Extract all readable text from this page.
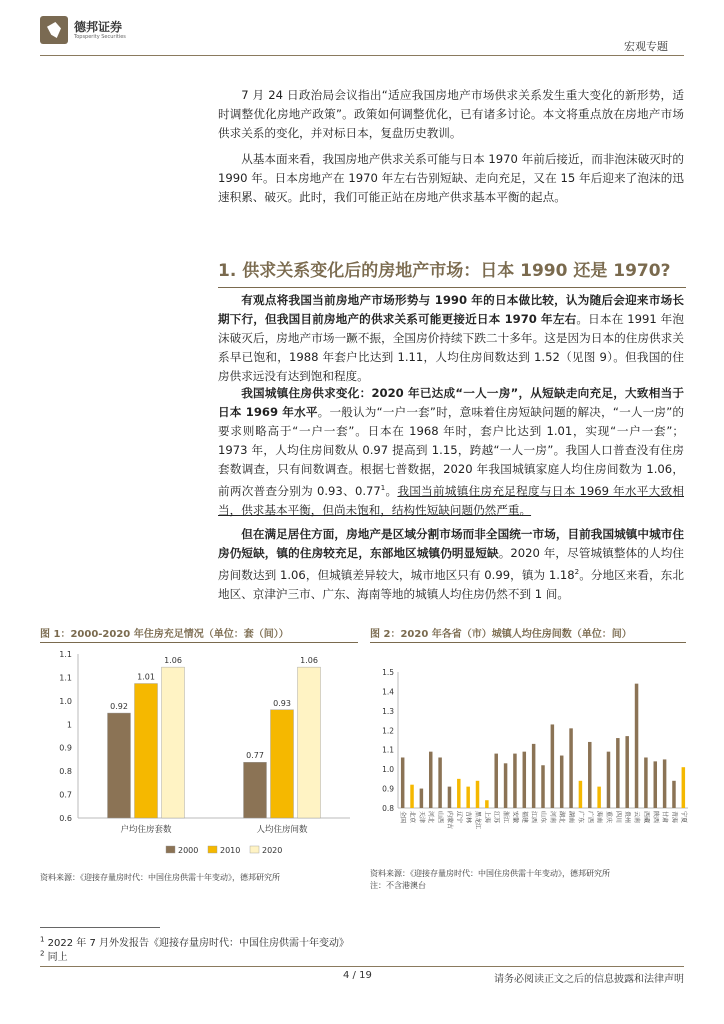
德邦证券
Topsperity Securities
宏观专题

7 月 24 日政治局会议指出“适应我国房地产市场供求关系发生重大变化的新形势，适时调整优化房地产政策”。政策如何调整优化，已有诸多讨论。本文将重点放在房地产市场供求关系的变化，并对标日本，复盘历史教训。

从基本面来看，我国房地产供求关系可能与日本 1970 年前后接近，而非泡沫破灭时的 1990 年。日本房地产在 1970 年左右告别短缺、走向充足，又在 15 年后迎来了泡沫的迅速积累、破灭。此时，我们可能正站在房地产供求基本平衡的起点。

1. 供求关系变化后的房地产市场：日本 1990 还是 1970?

有观点将我国当前房地产市场形势与 1990 年的日本做比较，认为随后会迎来市场长期下行，但我国目前房地产的供求关系可能更接近日本 1970 年左右。日本在 1991 年泡沫破灭后，房地产市场一蹶不振，全国房价持续下跌二十多年。这是因为日本的住房供求关系早已饱和，1988 年套户比达到 1.11，人均住房间数达到 1.52（见图 9）。但我国的住房供求远没有达到饱和程度。

我国城镇住房供求变化：2020 年已达成“一人一房”，从短缺走向充足，大致相当于日本 1969 年水平。一般认为“一户一套”时，意味着住房短缺问题的解决，“一人一房”的要求则略高于“一户一套”。日本在 1968 年时，套户比达到 1.01，实现“一户一套”；1973 年，人均住房间数从 0.97 提高到 1.15，跨越“一人一房”。我国人口普查没有住房套数调查，只有间数调查。根据七普数据，2020 年我国城镇家庭人均住房间数为 1.06，前两次普查分别为 0.93、0.77$^1$。我国当前城镇住房充足程度与日本 1969 年水平大致相当，供求基本平衡，但尚未饱和，结构性短缺问题仍然严重。

但在满足居住方面，房地产是区域分割市场而非全国统一市场，目前我国城镇中城市住房仍短缺，镇的住房较充足，东部地区城镇仍明显短缺。2020 年，尽管城镇整体的人均住房间数达到 1.06，但城镇差异较大，城市地区只有 0.99，镇为 1.18$^2$。分地区来看，东北地区、京津沪三市、广东、海南等地的城镇人均住房仍然不到 1 间。

图 1：2000-2020 年住房充足情况（单位：套（间））
0.6
0.7
0.8
0.9
1
1.0
1.1
1.1
0.92
1.01
1.06
户均住房套数
0.77
0.93
1.06
人均住房间数
2000	2010	2020
资料来源：《迎接存量房时代：中国住房供需十年变动》，德邦研究所
图 2：2020 年各省（市）城镇人均住房间数（单位：间）
0.8
0.9
1.0
1.1
1.2
1.3
1.4
1.5
全国 北京 天津 河北 山西 内蒙古 辽宁 吉林 黑龙江 上海 江苏 浙江 安徽 福建 江西 山东 河南 湖北 湖南 广东 广西 海南 重庆 四川 贵州 云南 西藏 陕西 甘肃 青海 宁夏
资料来源：《迎接存量房时代：中国住房供需十年变动》，德邦研究所
注：不含港澳台
$^1$ 2022 年 7 月外发报告《迎接存量房时代：中国住房供需十年变动》
$^2$ 同上
4 / 19	请务必阅读正文之后的信息披露和法律声明
